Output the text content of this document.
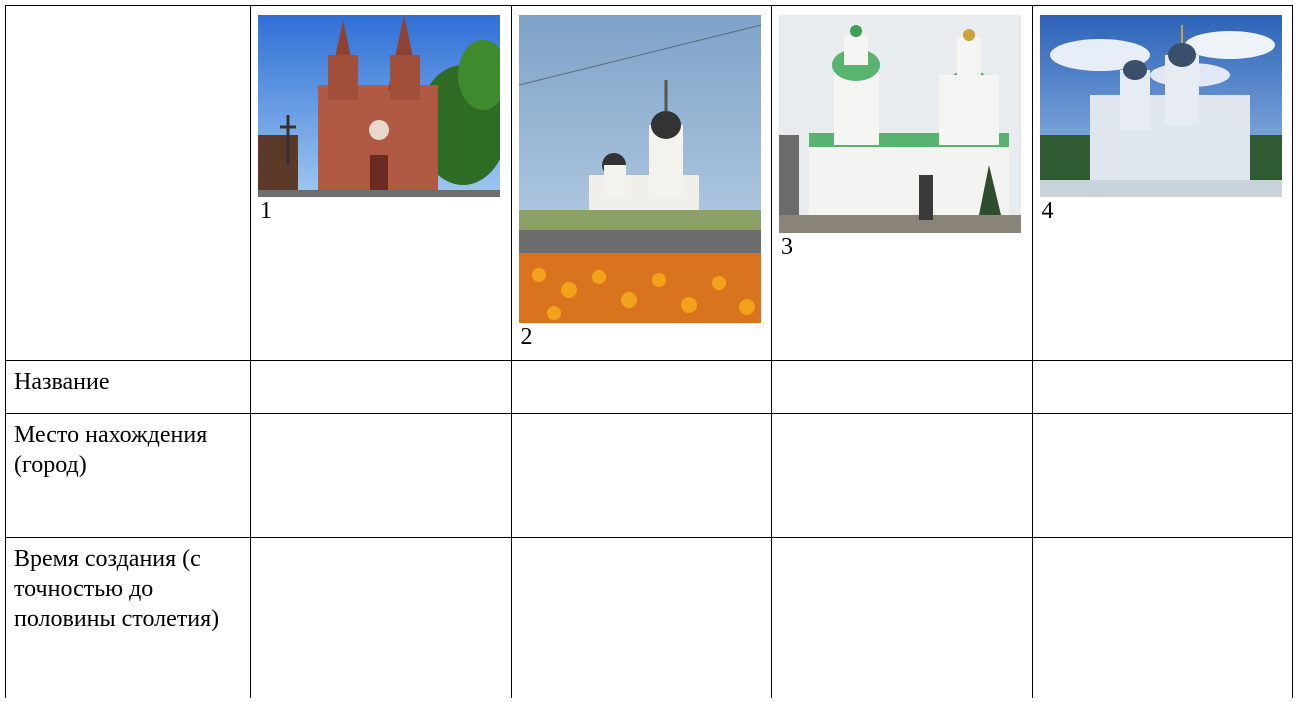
	1	2	3	4

Название				
Место нахождения (город)				
Время создания (с точностью до половины столетия)				
